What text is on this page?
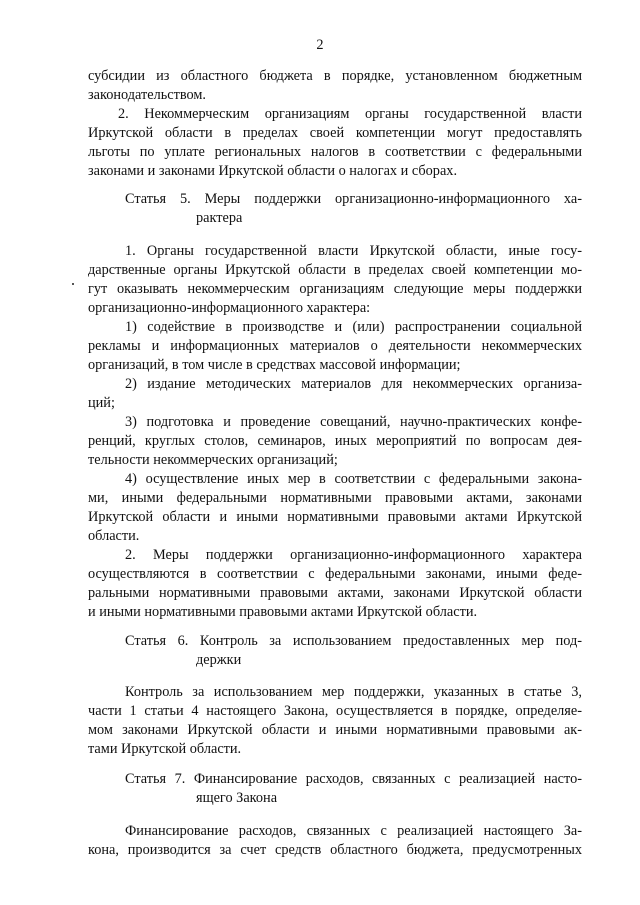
2
субсидии из областного бюджета в порядке, установленном бюджетным
законодательством.
2. Некоммерческим организациям органы государственной власти
Иркутской области в пределах своей компетенции могут предоставлять
льготы по уплате региональных налогов в соответствии с федеральными
законами и законами Иркутской области о налогах и сборах.
Статья 5. Меры поддержки организационно-информационного ха-
рактера
1. Органы государственной власти Иркутской области, иные госу-
дарственные органы Иркутской области в пределах своей компетенции мо-
гут оказывать некоммерческим организациям следующие меры поддержки
организационно-информационного характера:
1) содействие в производстве и (или) распространении социальной
рекламы и информационных материалов о деятельности некоммерческих
организаций, в том числе в средствах массовой информации;
2) издание методических материалов для некоммерческих организа-
ций;
3) подготовка и проведение совещаний, научно-практических конфе-
ренций, круглых столов, семинаров, иных мероприятий по вопросам дея-
тельности некоммерческих организаций;
4) осуществление иных мер в соответствии с федеральными закона-
ми, иными федеральными нормативными правовыми актами, законами
Иркутской области и иными нормативными правовыми актами Иркутской
области.
2. Меры поддержки организационно-информационного характера
осуществляются в соответствии с федеральными законами, иными феде-
ральными нормативными правовыми актами, законами Иркутской области
и иными нормативными правовыми актами Иркутской области.
Статья 6. Контроль за использованием предоставленных мер под-
держки
Контроль за использованием мер поддержки, указанных в статье 3,
части 1 статьи 4 настоящего Закона, осуществляется в порядке, определяе-
мом законами Иркутской области и иными нормативными правовыми ак-
тами Иркутской области.
Статья 7. Финансирование расходов, связанных с реализацией насто-
ящего Закона
Финансирование расходов, связанных с реализацией настоящего За-
кона, производится за счет средств областного бюджета, предусмотренных
